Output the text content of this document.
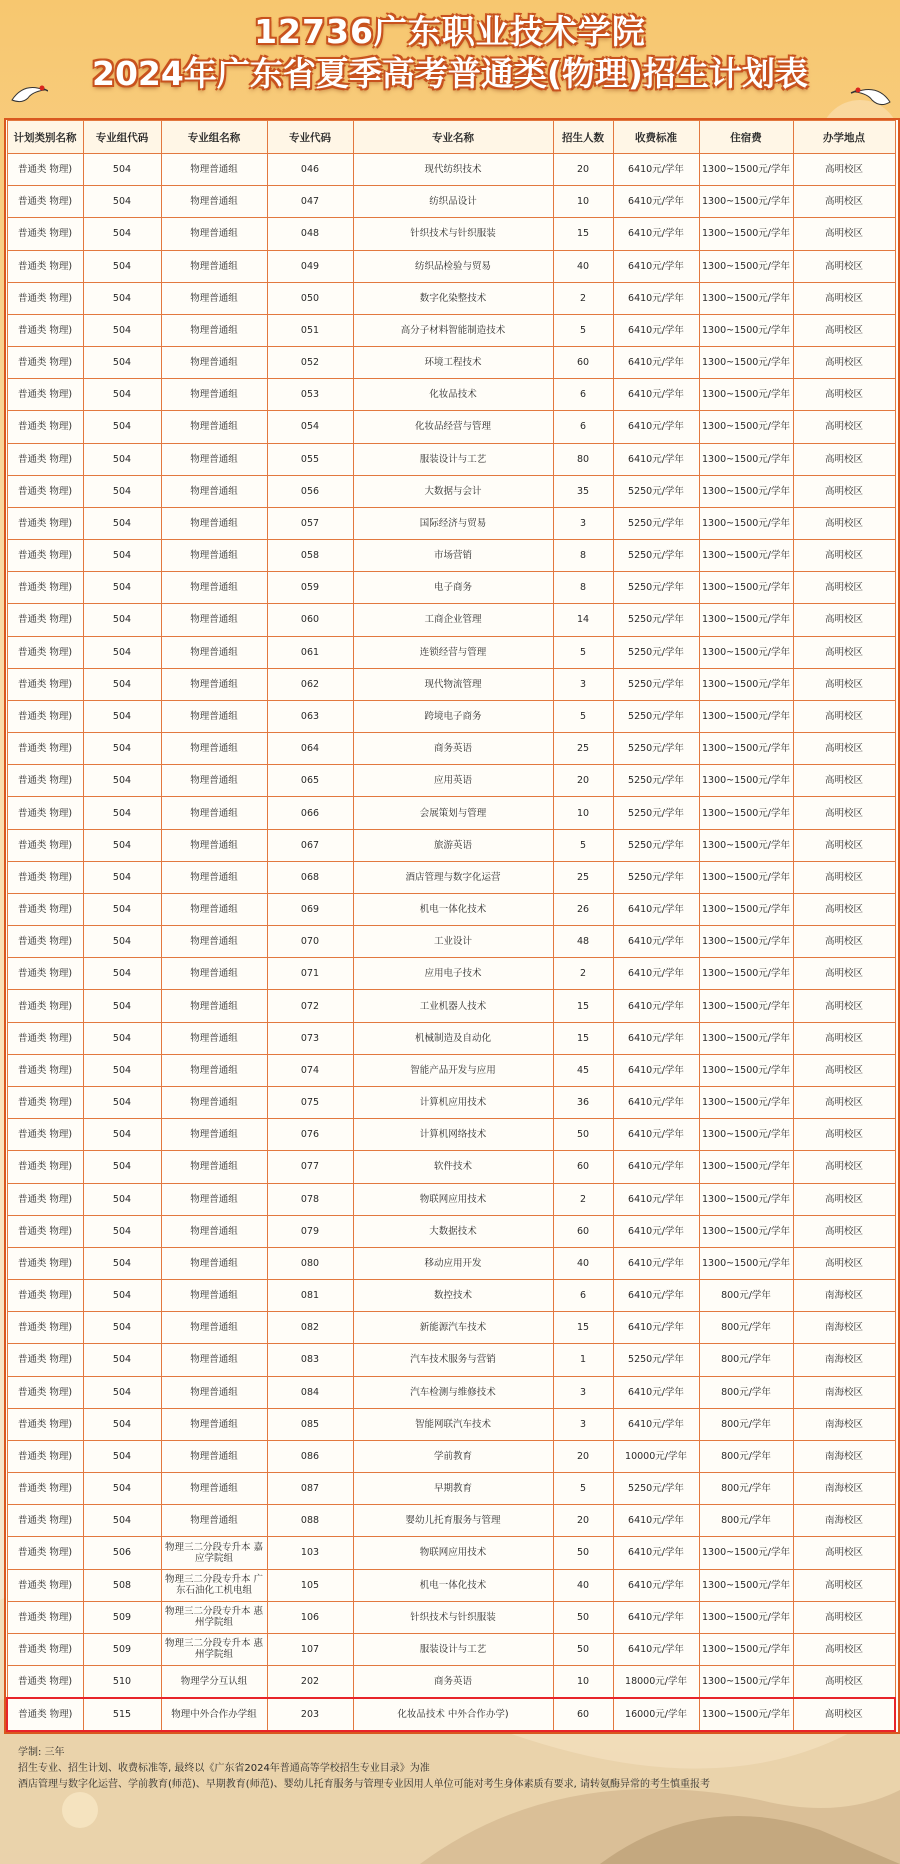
12736广东职业技术学院
2024年广东省夏季高考普通类(物理)招生计划表
计划类别名称	专业组代码	专业组名称	专业代码	专业名称	招生人数	收费标准	住宿费	办学地点
普通类 物理)	504	物理普通组	046	现代纺织技术	20	6410元/学年	1300~1500元/学年	高明校区
普通类 物理)	504	物理普通组	047	纺织品设计	10	6410元/学年	1300~1500元/学年	高明校区
普通类 物理)	504	物理普通组	048	针织技术与针织服装	15	6410元/学年	1300~1500元/学年	高明校区
普通类 物理)	504	物理普通组	049	纺织品检验与贸易	40	6410元/学年	1300~1500元/学年	高明校区
普通类 物理)	504	物理普通组	050	数字化染整技术	2	6410元/学年	1300~1500元/学年	高明校区
普通类 物理)	504	物理普通组	051	高分子材料智能制造技术	5	6410元/学年	1300~1500元/学年	高明校区
普通类 物理)	504	物理普通组	052	环境工程技术	60	6410元/学年	1300~1500元/学年	高明校区
普通类 物理)	504	物理普通组	053	化妆品技术	6	6410元/学年	1300~1500元/学年	高明校区
普通类 物理)	504	物理普通组	054	化妆品经营与管理	6	6410元/学年	1300~1500元/学年	高明校区
普通类 物理)	504	物理普通组	055	服装设计与工艺	80	6410元/学年	1300~1500元/学年	高明校区
普通类 物理)	504	物理普通组	056	大数据与会计	35	5250元/学年	1300~1500元/学年	高明校区
普通类 物理)	504	物理普通组	057	国际经济与贸易	3	5250元/学年	1300~1500元/学年	高明校区
普通类 物理)	504	物理普通组	058	市场营销	8	5250元/学年	1300~1500元/学年	高明校区
普通类 物理)	504	物理普通组	059	电子商务	8	5250元/学年	1300~1500元/学年	高明校区
普通类 物理)	504	物理普通组	060	工商企业管理	14	5250元/学年	1300~1500元/学年	高明校区
普通类 物理)	504	物理普通组	061	连锁经营与管理	5	5250元/学年	1300~1500元/学年	高明校区
普通类 物理)	504	物理普通组	062	现代物流管理	3	5250元/学年	1300~1500元/学年	高明校区
普通类 物理)	504	物理普通组	063	跨境电子商务	5	5250元/学年	1300~1500元/学年	高明校区
普通类 物理)	504	物理普通组	064	商务英语	25	5250元/学年	1300~1500元/学年	高明校区
普通类 物理)	504	物理普通组	065	应用英语	20	5250元/学年	1300~1500元/学年	高明校区
普通类 物理)	504	物理普通组	066	会展策划与管理	10	5250元/学年	1300~1500元/学年	高明校区
普通类 物理)	504	物理普通组	067	旅游英语	5	5250元/学年	1300~1500元/学年	高明校区
普通类 物理)	504	物理普通组	068	酒店管理与数字化运营	25	5250元/学年	1300~1500元/学年	高明校区
普通类 物理)	504	物理普通组	069	机电一体化技术	26	6410元/学年	1300~1500元/学年	高明校区
普通类 物理)	504	物理普通组	070	工业设计	48	6410元/学年	1300~1500元/学年	高明校区
普通类 物理)	504	物理普通组	071	应用电子技术	2	6410元/学年	1300~1500元/学年	高明校区
普通类 物理)	504	物理普通组	072	工业机器人技术	15	6410元/学年	1300~1500元/学年	高明校区
普通类 物理)	504	物理普通组	073	机械制造及自动化	15	6410元/学年	1300~1500元/学年	高明校区
普通类 物理)	504	物理普通组	074	智能产品开发与应用	45	6410元/学年	1300~1500元/学年	高明校区
普通类 物理)	504	物理普通组	075	计算机应用技术	36	6410元/学年	1300~1500元/学年	高明校区
普通类 物理)	504	物理普通组	076	计算机网络技术	50	6410元/学年	1300~1500元/学年	高明校区
普通类 物理)	504	物理普通组	077	软件技术	60	6410元/学年	1300~1500元/学年	高明校区
普通类 物理)	504	物理普通组	078	物联网应用技术	2	6410元/学年	1300~1500元/学年	高明校区
普通类 物理)	504	物理普通组	079	大数据技术	60	6410元/学年	1300~1500元/学年	高明校区
普通类 物理)	504	物理普通组	080	移动应用开发	40	6410元/学年	1300~1500元/学年	高明校区
普通类 物理)	504	物理普通组	081	数控技术	6	6410元/学年	800元/学年	南海校区
普通类 物理)	504	物理普通组	082	新能源汽车技术	15	6410元/学年	800元/学年	南海校区
普通类 物理)	504	物理普通组	083	汽车技术服务与营销	1	5250元/学年	800元/学年	南海校区
普通类 物理)	504	物理普通组	084	汽车检测与维修技术	3	6410元/学年	800元/学年	南海校区
普通类 物理)	504	物理普通组	085	智能网联汽车技术	3	6410元/学年	800元/学年	南海校区
普通类 物理)	504	物理普通组	086	学前教育	20	10000元/学年	800元/学年	南海校区
普通类 物理)	504	物理普通组	087	早期教育	5	5250元/学年	800元/学年	南海校区
普通类 物理)	504	物理普通组	088	婴幼儿托育服务与管理	20	6410元/学年	800元/学年	南海校区
普通类 物理)	506	物理三二分段专升本 嘉应学院组	103	物联网应用技术	50	6410元/学年	1300~1500元/学年	高明校区
普通类 物理)	508	物理三二分段专升本 广东石油化工机电组	105	机电一体化技术	40	6410元/学年	1300~1500元/学年	高明校区
普通类 物理)	509	物理三二分段专升本 惠州学院组	106	针织技术与针织服装	50	6410元/学年	1300~1500元/学年	高明校区
普通类 物理)	509	物理三二分段专升本 惠州学院组	107	服装设计与工艺	50	6410元/学年	1300~1500元/学年	高明校区
普通类 物理)	510	物理学分互认组	202	商务英语	10	18000元/学年	1300~1500元/学年	高明校区
普通类 物理)	515	物理中外合作办学组	203	化妆品技术 中外合作办学)	60	16000元/学年	1300~1500元/学年	高明校区
学制: 三年
招生专业、招生计划、收费标准等, 最终以《广东省2024年普通高等学校招生专业目录》为准
酒店管理与数字化运营、学前教育(师范)、早期教育(师范)、婴幼儿托育服务与管理专业因用人单位可能对考生身体素质有要求, 请转氨酶异常的考生慎重报考
